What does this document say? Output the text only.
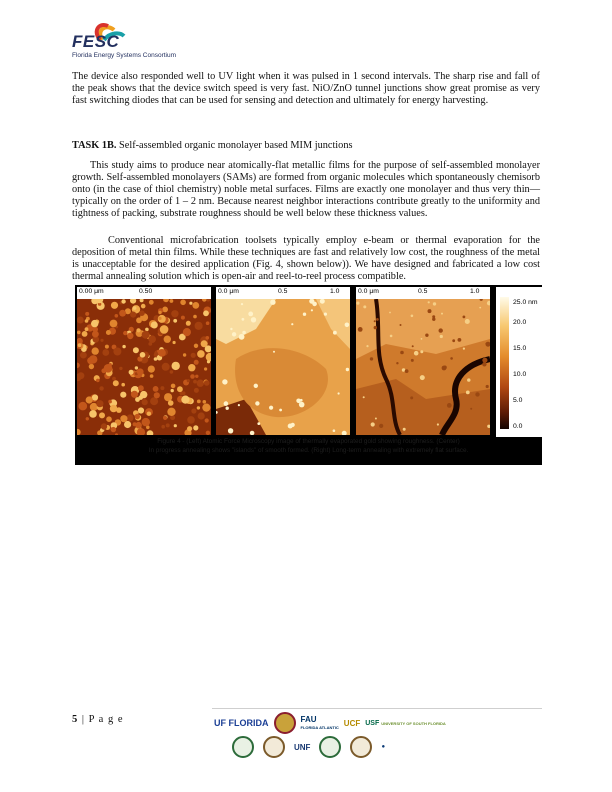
FESC
Florida Energy Systems Consortium
The device also responded well to UV light when it was pulsed in 1 second intervals. The sharp rise and fall of the peak shows that the device switch speed is very fast. NiO/ZnO tunnel junctions show great promise as very fast switching diodes that can be used for sensing and detection and ultimately for energy harvesting.
TASK 1B. Self-assembled organic monolayer based MIM junctions
This study aims to produce near atomically-flat metallic films for the purpose of self-assembled monolayer growth. Self-assembled monolayers (SAMs) are formed from organic molecules which spontaneously chemisorb onto (in the case of thiol chemistry) noble metal surfaces. Films are exactly one monolayer and thus very thin—typically on the order of 1 – 2 nm. Because nearest neighbor interactions contribute greatly to the uniformity and tightness of packing, substrate roughness should be well below these thickness values.
Conventional microfabrication toolsets typically employ e-beam or thermal evaporation for the deposition of metal thin films. While these techniques are fast and relatively low cost, the roughness of the metal is unacceptable for the desired application (Fig. 4, shown below)). We have designed and fabricated a low cost thermal annealing solution which is open-air and reel-to-reel process compatible.
0.00 μm	0.50	0.0 μm	0.5	1.0	0.0 μm	0.5	1.0
25.0 nm
20.0
15.0
10.0
5.0
0.0
Figure 4 - (Left) Atomic Force Microscopy image of thermally evaporated gold showing roughness. (Center)
In progress annealing shows "islands" of smooth formed. (Right) Long-term annealing with extremely flat surface.
5 | P a g e	UF FLORIDA	FAU
FLORIDA ATLANTIC UCF USF UNIVERSITY OF SOUTH FLORIDA
UNF	●
